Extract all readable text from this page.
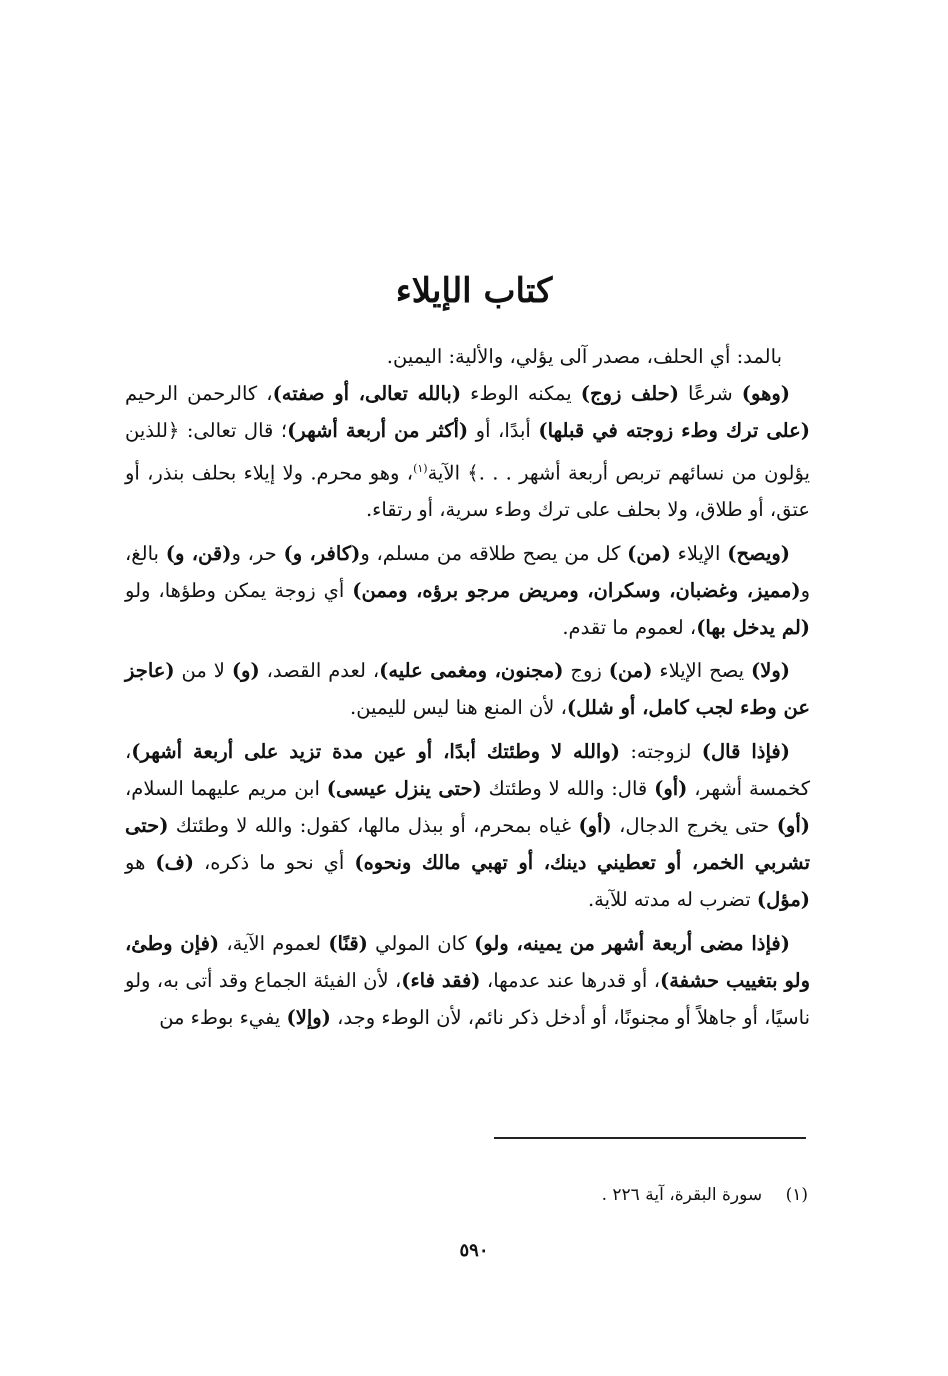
كتاب الإيلاء

بالمد: أي الحلف، مصدر آلى يؤلي، والألية: اليمين.

(وهو) شرعًا (حلف زوج) يمكنه الوطء (بالله تعالى، أو صفته)، كالرحمن الرحيم (على ترك وطء زوجته في قبلها) أبدًا، أو (أكثر من أربعة أشهر)؛ قال تعالى: ﴿للذين يؤلون من نسائهم تربص أربعة أشهر . . .﴾ الآية$^{(١)}$، وهو محرم. ولا إيلاء بحلف بنذر، أو عتق، أو طلاق، ولا بحلف على ترك وطء سرية، أو رتقاء.

(ويصح) الإيلاء (من) كل من يصح طلاقه من مسلم، و(كافر، و) حر، و(قن، و) بالغ، و(مميز، وغضبان، وسكران، ومريض مرجو برؤه، وممن) أي زوجة يمكن وطؤها، ولو (لم يدخل بها)، لعموم ما تقدم.

(ولا) يصح الإيلاء (من) زوج (مجنون، ومغمى عليه)، لعدم القصد، (و) لا من (عاجز عن وطء لجب كامل، أو شلل)، لأن المنع هنا ليس لليمين.

(فإذا قال) لزوجته: (والله لا وطئتك أبدًا، أو عين مدة تزيد على أربعة أشهر)، كخمسة أشهر، (أو) قال: والله لا وطئتك (حتى ينزل عيسى) ابن مريم عليهما السلام، (أو) حتى يخرج الدجال، (أو) غياه بمحرم، أو ببذل مالها، كقول: والله لا وطئتك (حتى تشربي الخمر، أو تعطيني دينك، أو تهبي مالك ونحوه) أي نحو ما ذكره، (ف) هو (مؤل) تضرب له مدته للآية.

(فإذا مضى أربعة أشهر من يمينه، ولو) كان المولي (قنًا) لعموم الآية، (فإن وطئ، ولو بتغييب حشفة)، أو قدرها عند عدمها، (فقد فاء)، لأن الفيئة الجماع وقد أتى به، ولو ناسيًا، أو جاهلاً أو مجنونًا، أو أدخل ذكر نائم، لأن الوطء وجد، (وإلا) يفيء بوطء من

(١) سورة البقرة، آية ٢٢٦ .
٥٩٠
